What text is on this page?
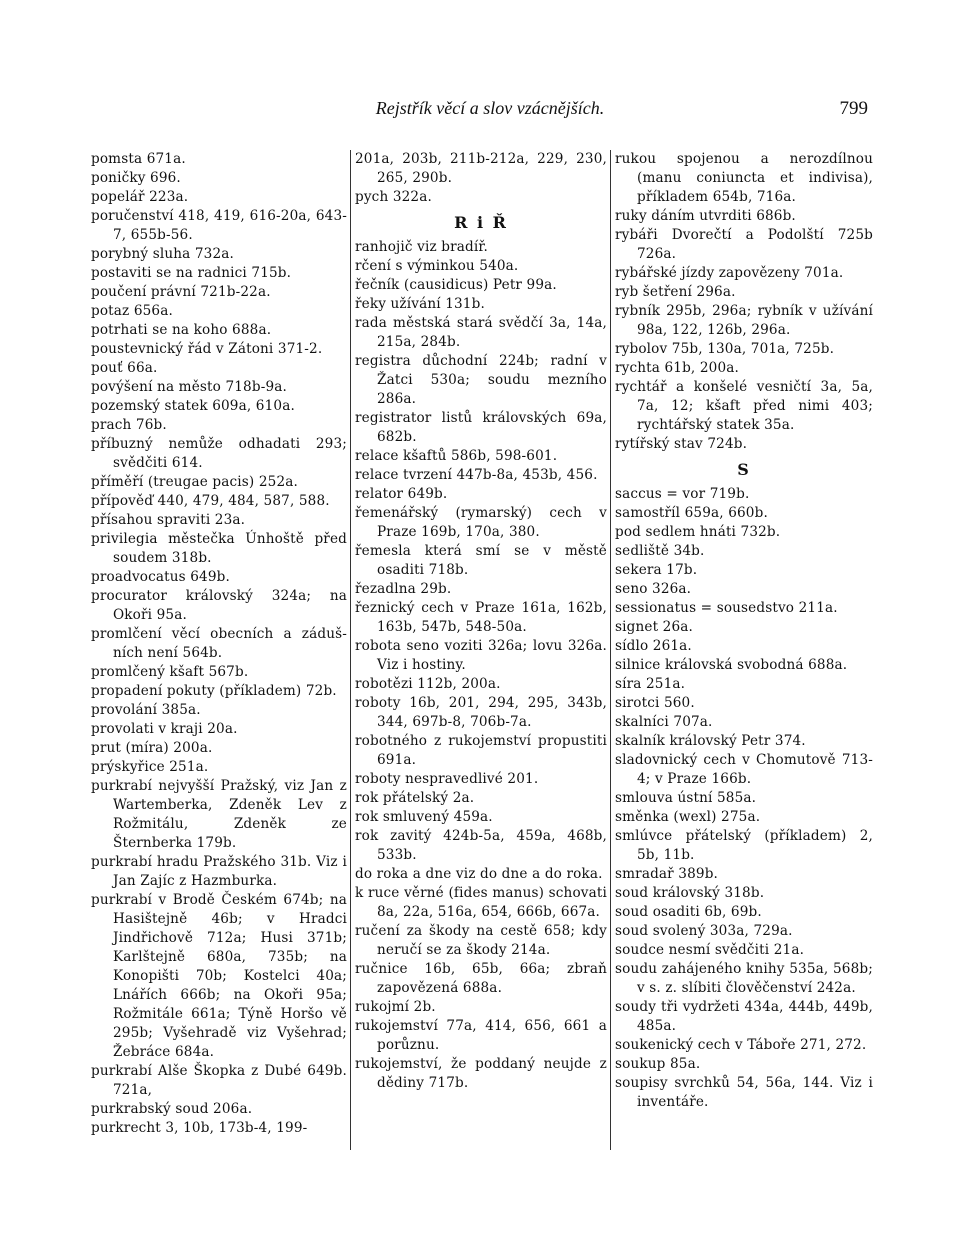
Rejstřík věcí a slov vzácnějších.	799

pomsta 671a.

poničky 696.

popelář 223a.

poručenství 418, 419, 616-20a, 643-7, 655b-56.

porybný sluha 732a.

postaviti se na radnici 715b.

poučení právní 721b-22a.

potaz 656a.

potrhati se na koho 688a.

poustevnický řád v Zátoni 371-2.

pouť 66a.

povýšení na město 718b-9a.

pozemský statek 609a, 610a.

prach 76b.

příbuzný nemůže odhadati 293; svědčiti 614.

příměří (treugae pacis) 252a.

přípověď 440, 479, 484, 587, 588.

přísahou spraviti 23a.

privilegia městečka Únhoště před soudem 318b.

proadvocatus 649b.

procurator královský 324a; na Okoři 95a.

promlčení věcí obecních a záduš-ních není 564b.

promlčený kšaft 567b.

propadení pokuty (příkladem) 72b.

provolání 385a.

provolati v kraji 20a.

prut (míra) 200a.

prýskyřice 251a.

purkrabí nejvyšší Pražský, viz Jan z Wartemberka, Zdeněk Lev z Rožmitálu, Zdeněk ze Šternberka 179b.

purkrabí hradu Pražského 31b. Viz i Jan Zajíc z Hazmburka.

purkrabí v Brodě Českém 674b; na Hasištejně 46b; v Hradci Jindřichově 712a; Husi 371b; Karlštejně 680a, 735b; na Konopišti 70b; Kostelci 40a; Lnářích 666b; na Okoři 95a; Rožmitále 661a; Týně Horšo vě 295b; Vyšehradě viz Vyšehrad; Žebráce 684a.

purkrabí Alše Škopka z Dubé 649b. 721a,

purkrabský soud 206a.

purkrecht 3, 10b, 173b-4, 199-

201a, 203b, 211b-212a, 229, 230, 265, 290b.

pych 322a.

R i Ř

ranhojič viz bradíř.

rčení s výminkou 540a.

řečník (causidicus) Petr 99a.

řeky užívání 131b.

rada městská stará svědčí 3a, 14a, 215a, 284b.

registra důchodní 224b; radní v Žatci 530a; soudu mezního 286a.

registrator listů královských 69a, 682b.

relace kšaftů 586b, 598-601.

relace tvrzení 447b-8a, 453b, 456.

relator 649b.

řemenářský (rymarský) cech v Praze 169b, 170a, 380.

řemesla která smí se v městě osaditi 718b.

řezadlna 29b.

řeznický cech v Praze 161a, 162b, 163b, 547b, 548-50a.

robota seno voziti 326a; lovu 326a. Viz i hostiny.

robotězi 112b, 200a.

roboty 16b, 201, 294, 295, 343b, 344, 697b-8, 706b-7a.

robotného z rukojemství propustiti 691a.

roboty nespravedlivé 201.

rok přátelský 2a.

rok smluvený 459a.

rok zavitý 424b-5a, 459a, 468b, 533b.

do roka a dne viz do dne a do roka.

k ruce věrné (fides manus) schovati 8a, 22a, 516a, 654, 666b, 667a.

ručení za škody na cestě 658; kdy neručí se za škody 214a.

ručnice 16b, 65b, 66a; zbraň zapovězená 688a.

rukojmí 2b.

rukojemství 77a, 414, 656, 661 a porůznu.

rukojemství, že poddaný neujde z dědiny 717b.

rukou spojenou a nerozdílnou (manu coniuncta et indivisa), příkladem 654b, 716a.

ruky dáním utvrditi 686b.

rybáři Dvorečtí a Podolští 725b 726a.

rybářské jízdy zapovězeny 701a.

ryb šetření 296a.

rybník 295b, 296a; rybník v užívání 98a, 122, 126b, 296a.

rybolov 75b, 130a, 701a, 725b.

rychta 61b, 200a.

rychtář a konšelé vesničtí 3a, 5a, 7a, 12; kšaft před nimi 403; rychtářský statek 35a.

rytířský stav 724b.

S

saccus = vor 719b.

samostříl 659a, 660b.

pod sedlem hnáti 732b.

sedliště 34b.

sekera 17b.

seno 326a.

sessionatus = sousedstvo 211a.

signet 26a.

sídlo 261a.

silnice královská svobodná 688a.

síra 251a.

sirotci 560.

skalníci 707a.

skalník královský Petr 374.

sladovnický cech v Chomutově 713-4; v Praze 166b.

smlouva ústní 585a.

směnka (wexl) 275a.

smlúvce přátelský (příkladem) 2, 5b, 11b.

smradař 389b.

soud královský 318b.

soud osaditi 6b, 69b.

soud svolený 303a, 729a.

soudce nesmí svědčiti 21a.

soudu zahájeného knihy 535a, 568b; v s. z. slíbiti člověčenství 242a.

soudy tři vydržeti 434a, 444b, 449b, 485a.

soukenický cech v Táboře 271, 272.

soukup 85a.

soupisy svrchků 54, 56a, 144. Viz i inventáře.
